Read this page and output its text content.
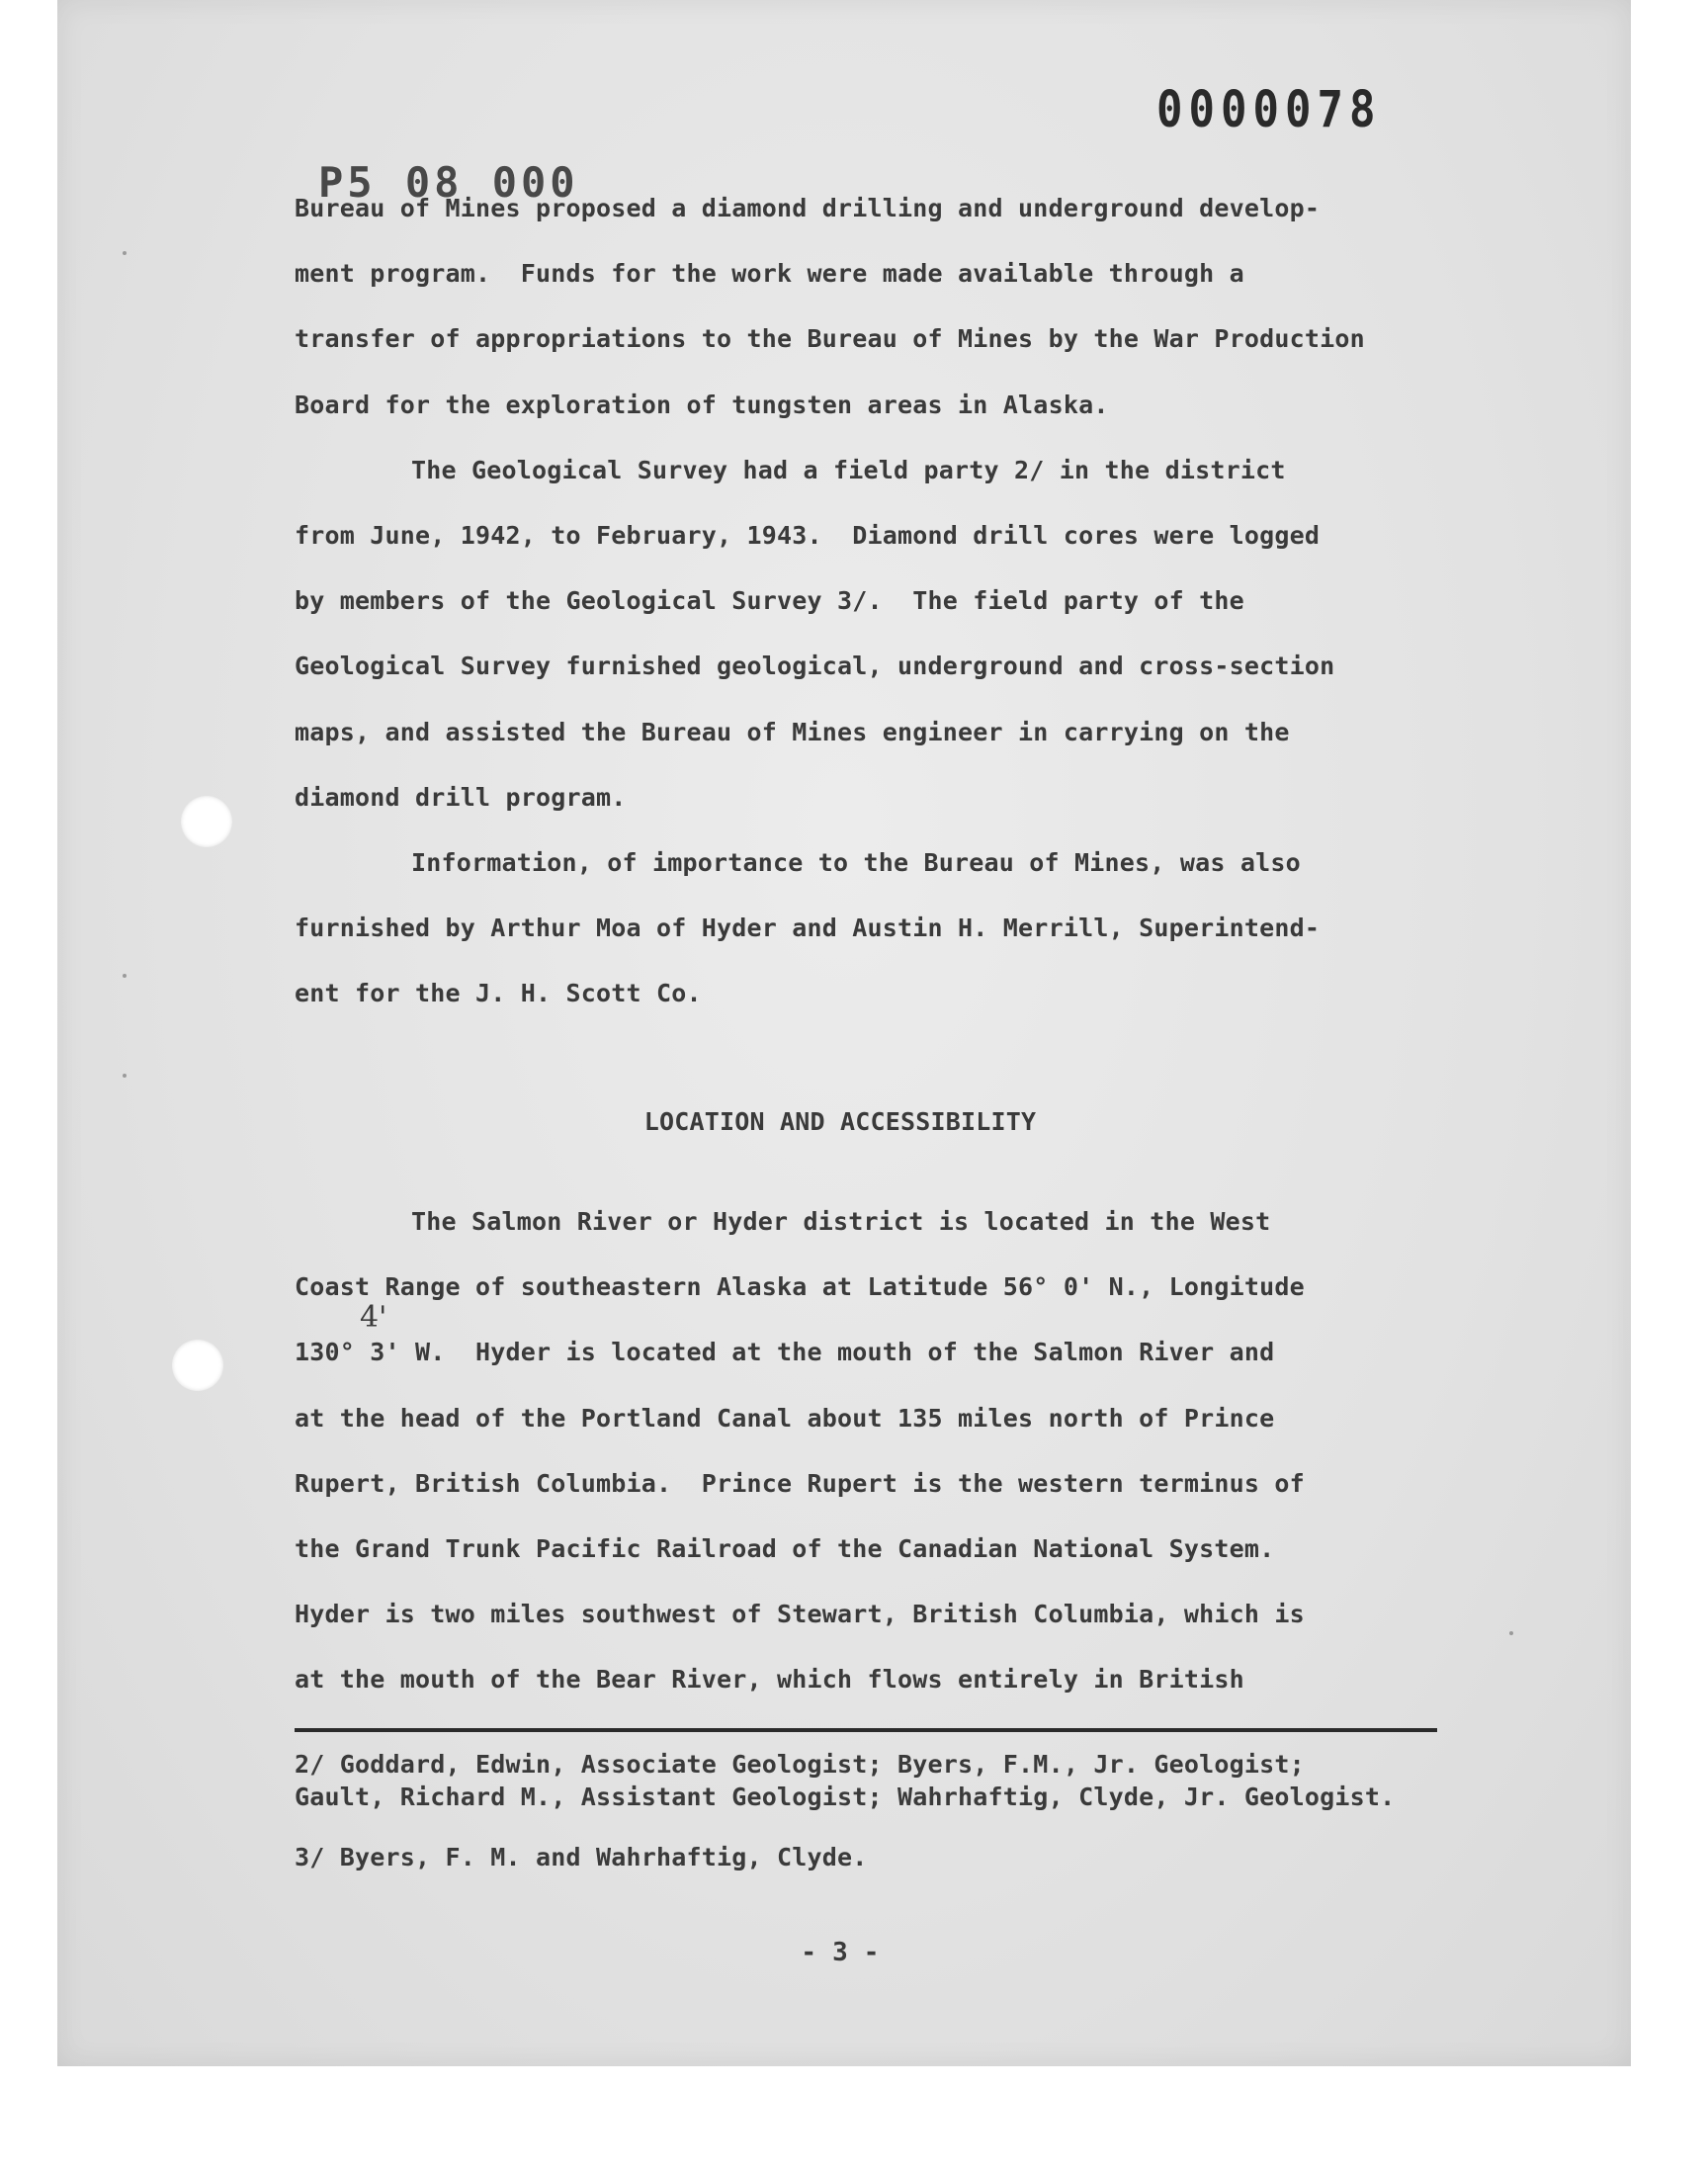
0000078
P5 08 000
Bureau of Mines proposed a diamond drilling and underground develop-
ment program.  Funds for the work were made available through a
transfer of appropriations to the Bureau of Mines by the War Production
Board for the exploration of tungsten areas in Alaska.
The Geological Survey had a field party 2/ in the district
from June, 1942, to February, 1943.  Diamond drill cores were logged
by members of the Geological Survey 3/.  The field party of the
Geological Survey furnished geological, underground and cross-section
maps, and assisted the Bureau of Mines engineer in carrying on the
diamond drill program.
Information, of importance to the Bureau of Mines, was also
furnished by Arthur Moa of Hyder and Austin H. Merrill, Superintend-
ent for the J. H. Scott Co.
LOCATION AND ACCESSIBILITY
The Salmon River or Hyder district is located in the West
Coast Range of southeastern Alaska at Latitude 56° 0' N., Longitude
130° 3' W.  Hyder is located at the mouth of the Salmon River and
at the head of the Portland Canal about 135 miles north of Prince
Rupert, British Columbia.  Prince Rupert is the western terminus of
the Grand Trunk Pacific Railroad of the Canadian National System.
Hyder is two miles southwest of Stewart, British Columbia, which is
at the mouth of the Bear River, which flows entirely in British
4'
2/ Goddard, Edwin, Associate Geologist; Byers, F.M., Jr. Geologist;
Gault, Richard M., Assistant Geologist; Wahrhaftig, Clyde, Jr. Geologist.
3/ Byers, F. M. and Wahrhaftig, Clyde.
- 3 -
